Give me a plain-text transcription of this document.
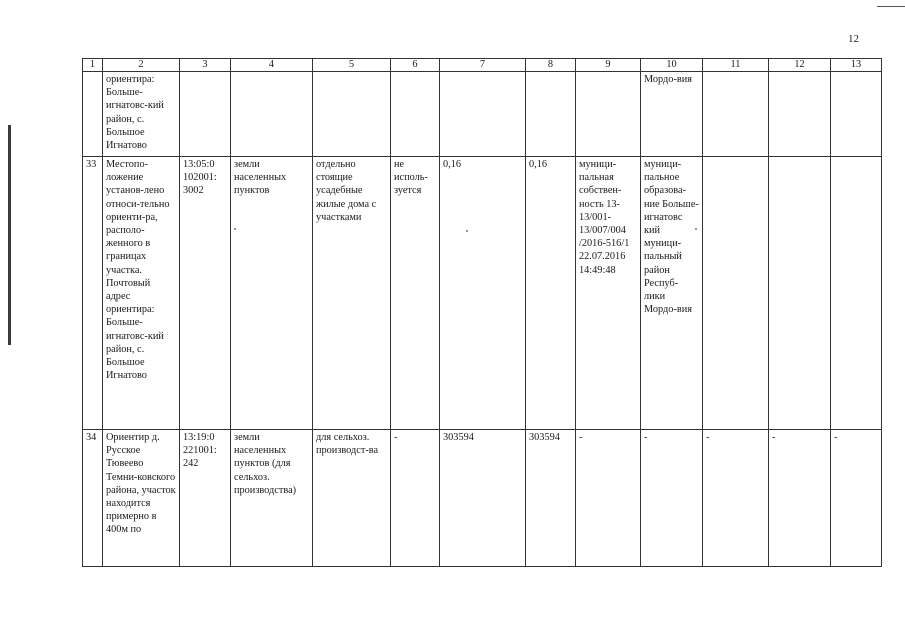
12
1	2	3	4	5	6	7	8	9	10	11	12	13
	ориентира: Больше-игнатовс-кий район, с. Большое Игнатово								Мордо-вия			
33	Местопо-ложение установ-лено относи-тельно ориенти-ра, располо-женного в границах участка. Почтовый адрес ориентира: Больше-игнатовс-кий район, с. Большое Игнатово	13:05:0 102001: 3002	земли населенных пунктов	отдельно стоящие усадебные жилые дома с участками	не исполь-зуется	0,16	0,16	муници-пальная собствен-ность 13-13/001-13/007/004 /2016-516/1 22.07.2016 14:49:48	муници-пальное образова-ние Больше-игнатовс кий муници-пальный район Респуб-лики Мордо-вия			
34	Ориентир д. Русское Тювеево Темни-ковского района, участок находится примерно в 400м по	13:19:0 221001: 242	земли населенных пунктов (для сельхоз. производства)	для сельхоз. производст-ва	-	303594	303594	-	-	-	-	-
